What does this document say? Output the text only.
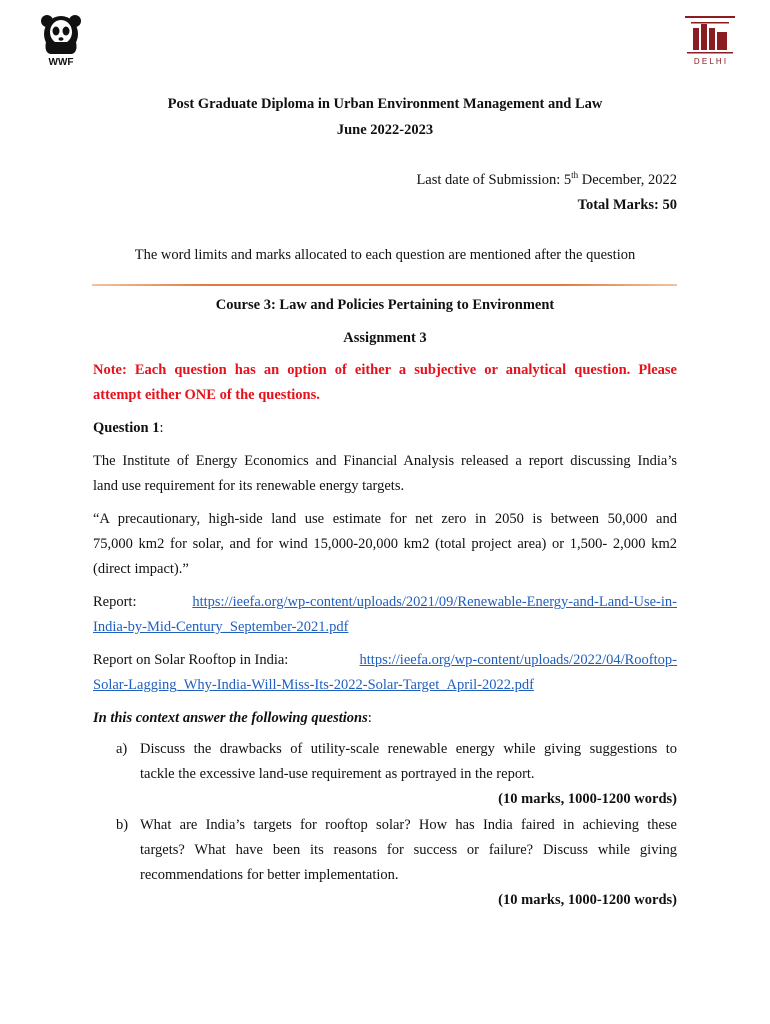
WWF	D E L H I
Post Graduate Diploma in Urban Environment Management and Law
June 2022-2023
Last date of Submission: 5th December, 2022
Total Marks: 50
The word limits and marks allocated to each question are mentioned after the question
Course 3: Law and Policies Pertaining to Environment
Assignment 3
Note: Each question has an option of either a subjective or analytical question. Please
attempt either ONE of the questions.
Question 1:
The Institute of Energy Economics and Financial Analysis released a report discussing India’s
land use requirement for its renewable energy targets.
“A precautionary, high-side land use estimate for net zero in 2050 is between 50,000 and
75,000 km2 for solar, and for wind 15,000-20,000 km2 (total project area) or 1,500- 2,000 km2
(direct impact).”
Report:	https://ieefa.org/wp-content/uploads/2021/09/Renewable-Energy-and-Land-Use-in-
India-by-Mid-Century_September-2021.pdf
Report on Solar Rooftop in India:	https://ieefa.org/wp-content/uploads/2022/04/Rooftop-
Solar-Lagging_Why-India-Will-Miss-Its-2022-Solar-Target_April-2022.pdf
In this context answer the following questions:
a) Discuss the drawbacks of utility-scale renewable energy while giving suggestions to
tackle the excessive land-use requirement as portrayed in the report.
(10 marks, 1000-1200 words)
b) What are India’s targets for rooftop solar? How has India faired in achieving these
targets? What have been its reasons for success or failure? Discuss while giving
recommendations for better implementation.
(10 marks, 1000-1200 words)
